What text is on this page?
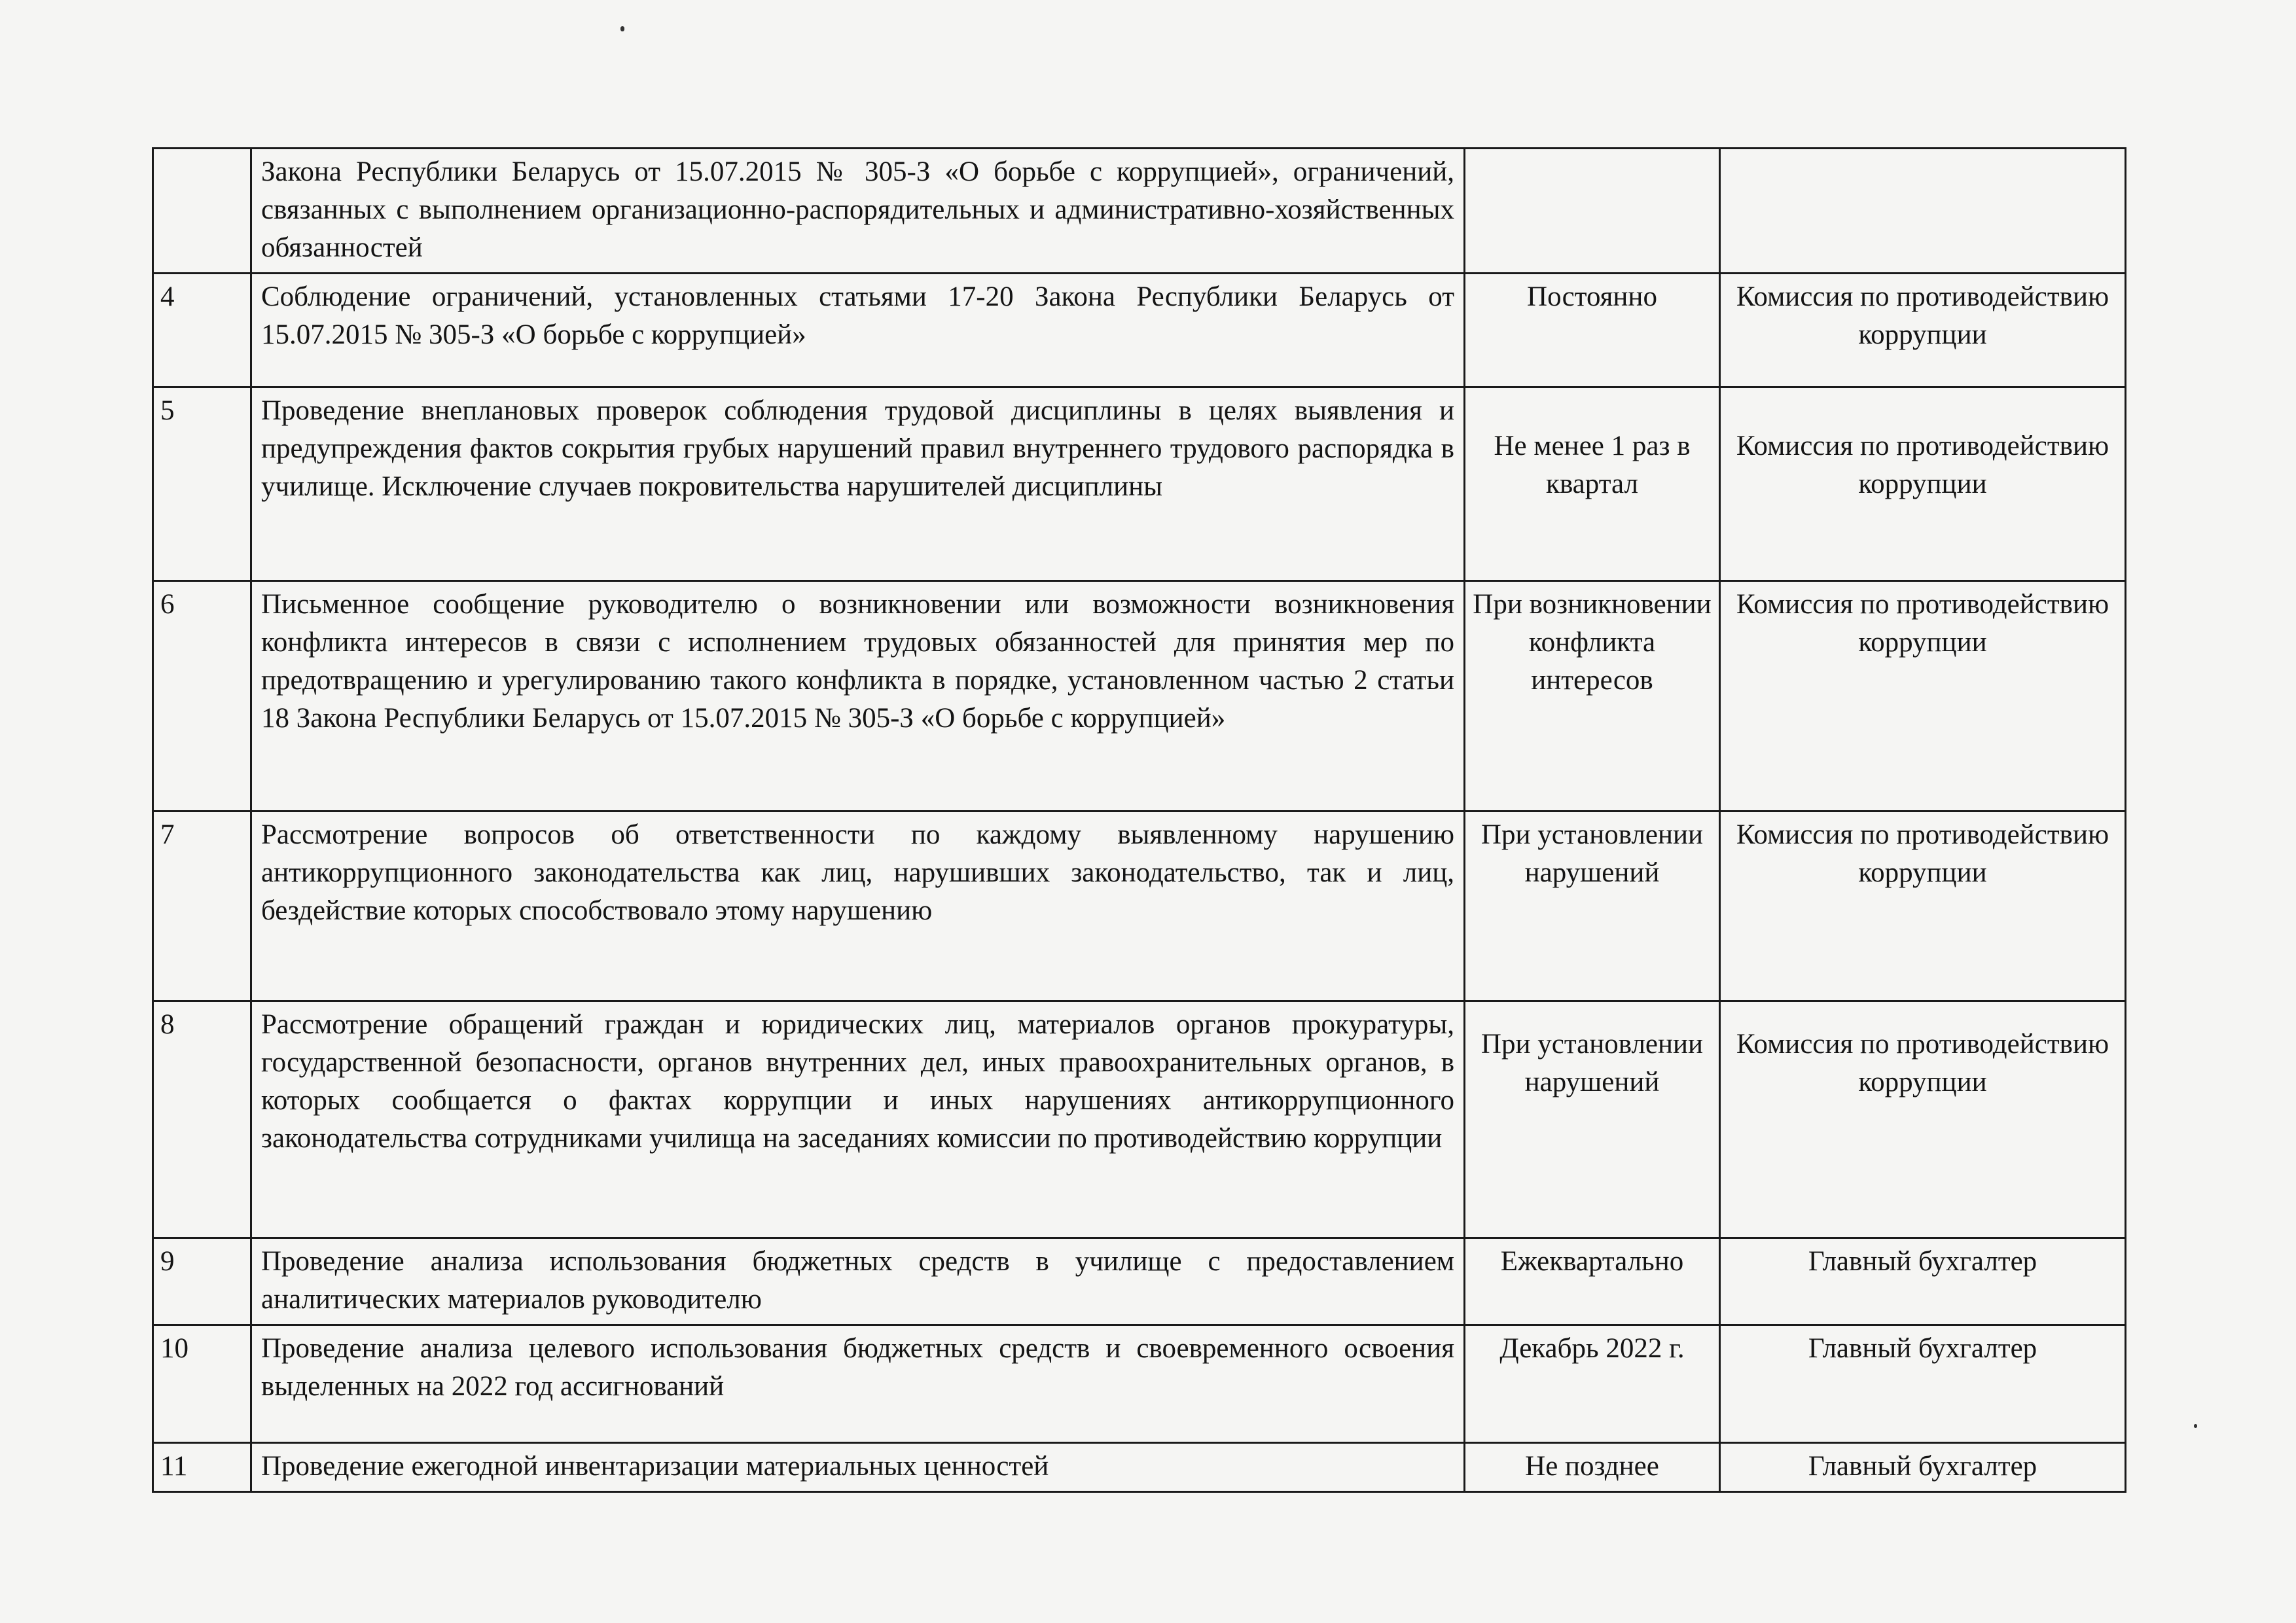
	Закона Республики Беларусь от 15.07.2015 № 305-З «О борьбе с коррупцией», ограничений, связанных с выполнением организационно-распорядительных и административно-хозяйственных обязанностей		
4	Соблюдение ограничений, установленных статьями 17-20 Закона Республики Беларусь от 15.07.2015 № 305-З «О борьбе с коррупцией»	Постоянно	Комиссия по противодействию коррупции
5	Проведение внеплановых проверок соблюдения трудовой дисциплины в целях выявления и предупреждения фактов сокрытия грубых нарушений правил внутреннего трудового распорядка в училище. Исключение случаев покровительства нарушителей дисциплины	Не менее 1 раз в квартал	Комиссия по противодействию коррупции
6	Письменное сообщение руководителю о возникновении или возможности возникновения конфликта интересов в связи с исполнением трудовых обязанностей для принятия мер по предотвращению и урегулированию такого конфликта в порядке, установленном частью 2 статьи 18 Закона Республики Беларусь от 15.07.2015 № 305-З «О борьбе с коррупцией»	При возникновении конфликта интересов	Комиссия по противодействию коррупции
7	Рассмотрение вопросов об ответственности по каждому выявленному нарушению антикоррупционного законодательства как лиц, нарушивших законодательство, так и лиц, бездействие которых способствовало этому нарушению	При установлении нарушений	Комиссия по противодействию коррупции
8	Рассмотрение обращений граждан и юридических лиц, материалов органов прокуратуры, государственной безопасности, органов внутренних дел, иных правоохранительных органов, в которых сообщается о фактах коррупции и иных нарушениях антикоррупционного законодательства сотрудниками училища на заседаниях комиссии по противодействию коррупции	При установлении нарушений	Комиссия по противодействию коррупции
9	Проведение анализа использования бюджетных средств в училище с предоставлением аналитических материалов руководителю	Ежеквартально	Главный бухгалтер
10	Проведение анализа целевого использования бюджетных средств и своевременного освоения выделенных на 2022 год ассигнований	Декабрь 2022 г.	Главный бухгалтер
11	Проведение ежегодной инвентаризации материальных ценностей	Не позднее	Главный бухгалтер
